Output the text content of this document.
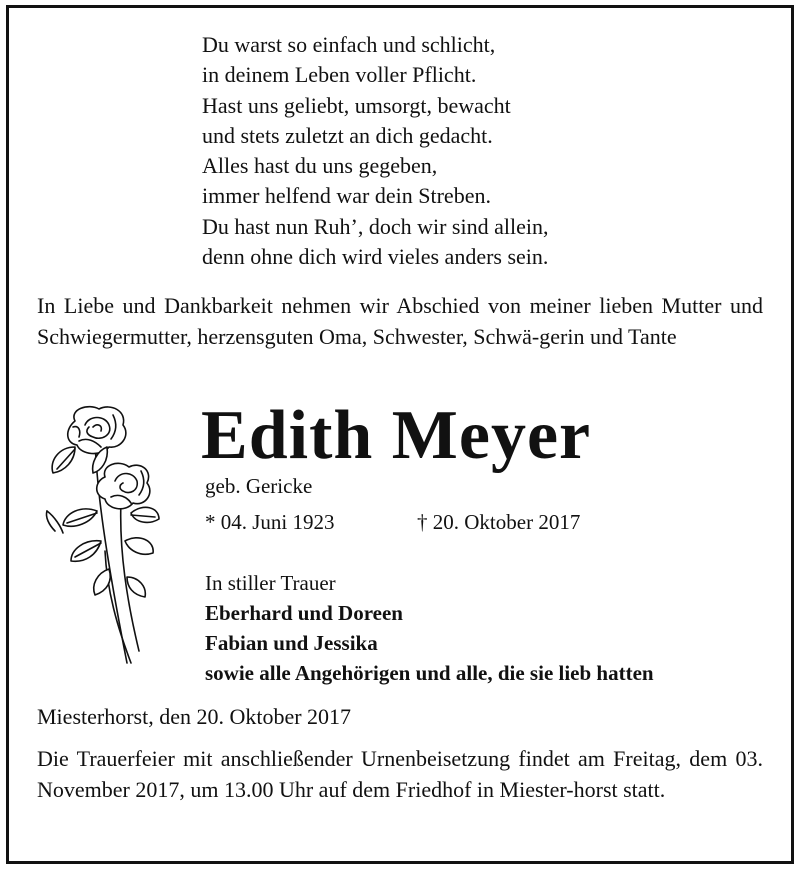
Du warst so einfach und schlicht,
in deinem Leben voller Pflicht.
Hast uns geliebt, umsorgt, bewacht
und stets zuletzt an dich gedacht.
Alles hast du uns gegeben,
immer helfend war dein Streben.
Du hast nun Ruh’, doch wir sind allein,
denn ohne dich wird vieles anders sein.
In Liebe und Dankbarkeit nehmen wir Abschied von meiner lieben Mutter und Schwiegermutter, herzensguten Oma, Schwester, Schwä-gerin und Tante
Edith Meyer
geb. Gericke
* 04. Juni 1923	† 20. Oktober 2017
In stiller Trauer
Eberhard und Doreen
Fabian und Jessika
sowie alle Angehörigen und alle, die sie lieb hatten
Miesterhorst, den 20. Oktober 2017
Die Trauerfeier mit anschließender Urnenbeisetzung findet am Freitag, dem 03. November 2017, um 13.00 Uhr auf dem Friedhof in Miester-horst statt.
